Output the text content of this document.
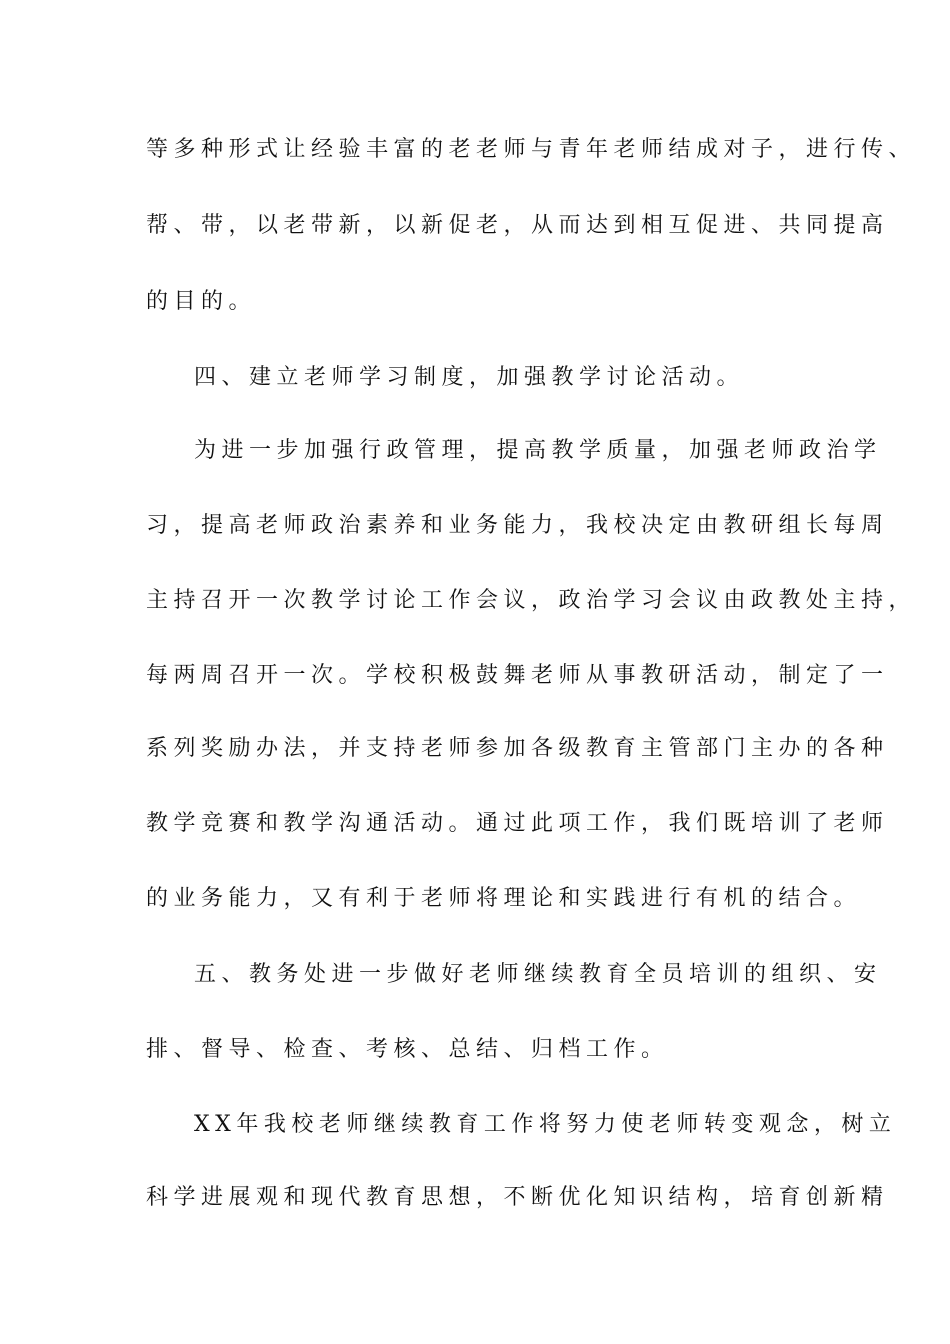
等多种形式让经验丰富的老老师与青年老师结成对子，进行传、
帮、带，以老带新，以新促老，从而达到相互促进、共同提高
的目的。
四、建立老师学习制度，加强教学讨论活动。
为进一步加强行政管理，提高教学质量，加强老师政治学
习，提高老师政治素养和业务能力，我校决定由教研组长每周
主持召开一次教学讨论工作会议，政治学习会议由政教处主持，
每两周召开一次。学校积极鼓舞老师从事教研活动，制定了一
系列奖励办法，并支持老师参加各级教育主管部门主办的各种
教学竞赛和教学沟通活动。通过此项工作，我们既培训了老师
的业务能力，又有利于老师将理论和实践进行有机的结合。
五、教务处进一步做好老师继续教育全员培训的组织、安
排、督导、检查、考核、总结、归档工作。
XX年我校老师继续教育工作将努力使老师转变观念，树立
科学进展观和现代教育思想，不断优化知识结构，培育创新精
